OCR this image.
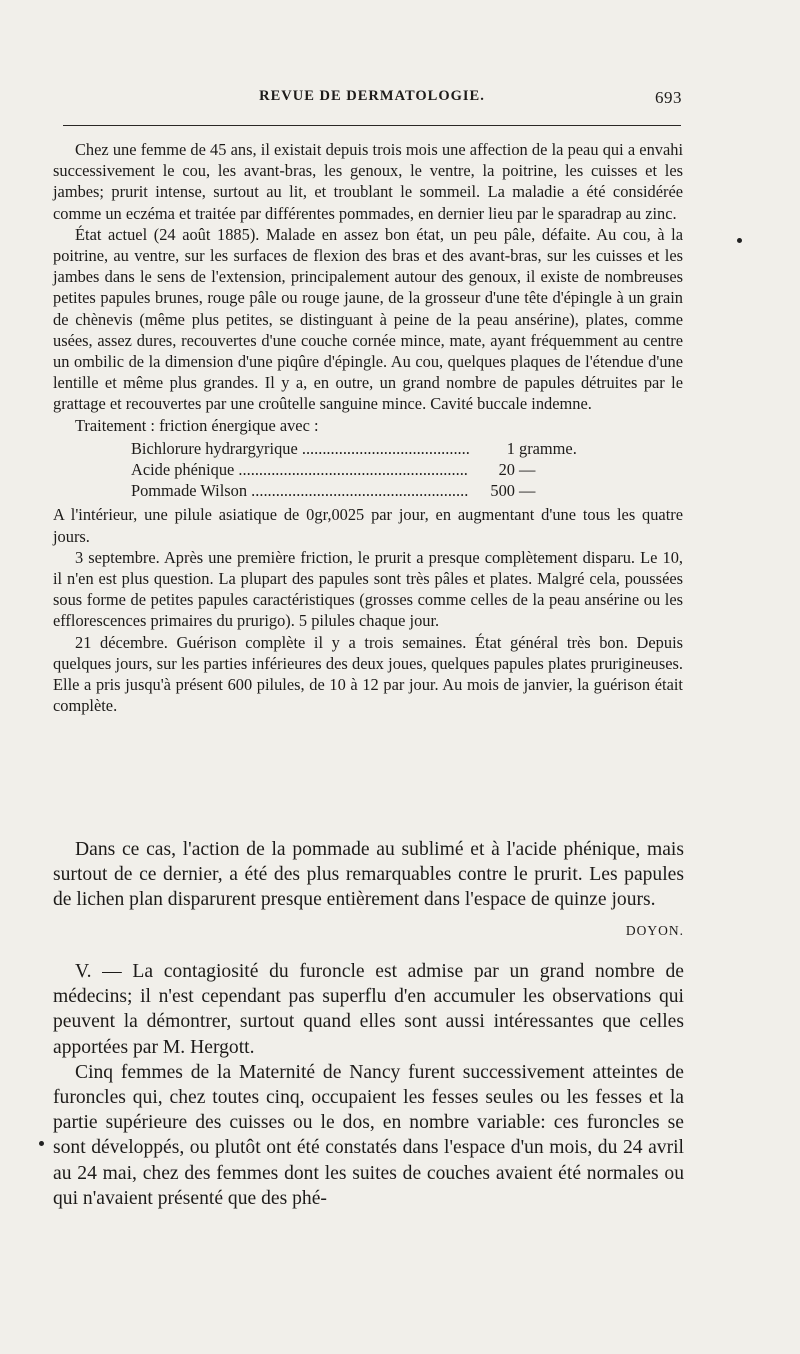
REVUE DE DERMATOLOGIE.	693

Chez une femme de 45 ans, il existait depuis trois mois une affection de la peau qui a envahi successivement le cou, les avant-bras, les genoux, le ventre, la poitrine, les cuisses et les jambes; prurit intense, surtout au lit, et troublant le sommeil. La maladie a été considérée comme un eczéma et traitée par différentes pommades, en dernier lieu par le sparadrap au zinc.

État actuel (24 août 1885). Malade en assez bon état, un peu pâle, défaite. Au cou, à la poitrine, au ventre, sur les surfaces de flexion des bras et des avant-bras, sur les cuisses et les jambes dans le sens de l'extension, principalement autour des genoux, il existe de nombreuses petites papules brunes, rouge pâle ou rouge jaune, de la grosseur d'une tête d'épingle à un grain de chènevis (même plus petites, se distinguant à peine de la peau ansérine), plates, comme usées, assez dures, recouvertes d'une couche cornée mince, mate, ayant fréquemment au centre un ombilic de la dimension d'une piqûre d'épingle. Au cou, quelques plaques de l'étendue d'une lentille et même plus grandes. Il y a, en outre, un grand nombre de papules détruites par le grattage et recouvertes par une croûtelle sanguine mince. Cavité buccale indemne.

Traitement : friction énergique avec :

Bichlorure hydrargyrique .....	1 gramme.
Acide phénique .....	20 —
Pommade Wilson .....	500 —

A l'intérieur, une pilule asiatique de 0gr,0025 par jour, en augmentant d'une tous les quatre jours.

3 septembre. Après une première friction, le prurit a presque complètement disparu. Le 10, il n'en est plus question. La plupart des papules sont très pâles et plates. Malgré cela, poussées sous forme de petites papules caractéristiques (grosses comme celles de la peau ansérine ou les efflorescences primaires du prurigo). 5 pilules chaque jour.

21 décembre. Guérison complète il y a trois semaines. État général très bon. Depuis quelques jours, sur les parties inférieures des deux joues, quelques papules plates prurigineuses. Elle a pris jusqu'à présent 600 pilules, de 10 à 12 par jour. Au mois de janvier, la guérison était complète.

Dans ce cas, l'action de la pommade au sublimé et à l'acide phénique, mais surtout de ce dernier, a été des plus remarquables contre le prurit. Les papules de lichen plan disparurent presque entièrement dans l'espace de quinze jours.
DOYON.

V. — La contagiosité du furoncle est admise par un grand nombre de médecins; il n'est cependant pas superflu d'en accumuler les observations qui peuvent la démontrer, surtout quand elles sont aussi intéressantes que celles apportées par M. Hergott.

Cinq femmes de la Maternité de Nancy furent successivement atteintes de furoncles qui, chez toutes cinq, occupaient les fesses seules ou les fesses et la partie supérieure des cuisses ou le dos, en nombre variable: ces furoncles se sont développés, ou plutôt ont été constatés dans l'espace d'un mois, du 24 avril au 24 mai, chez des femmes dont les suites de couches avaient été normales ou qui n'avaient présenté que des phé-
